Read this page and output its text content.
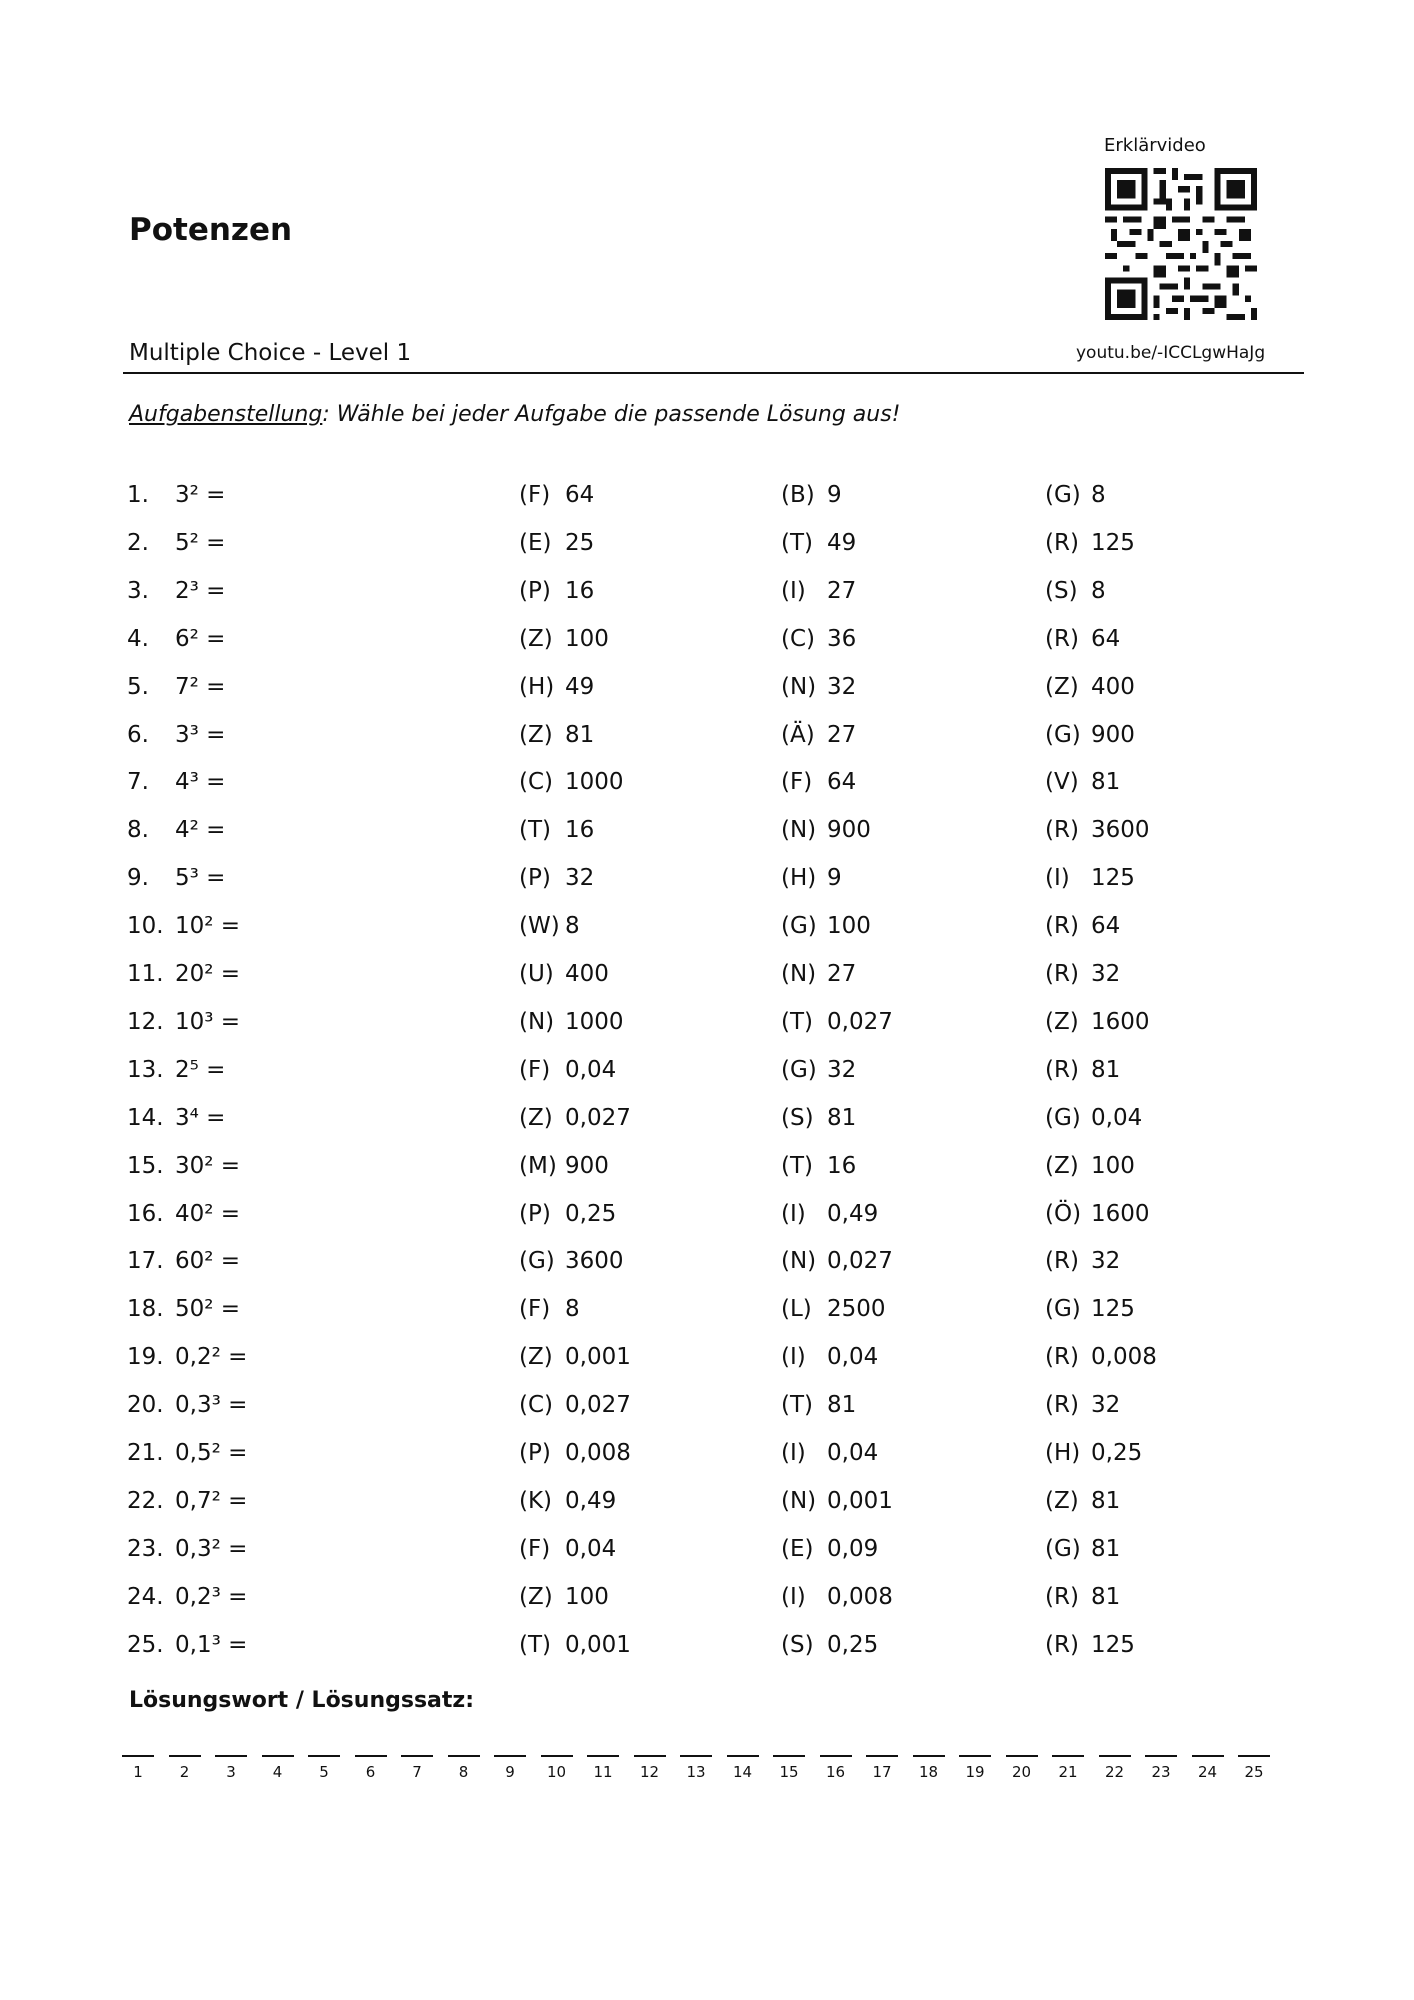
Potenzen
Erklärvideo
youtu.be/-ICCLgwHaJg
Multiple Choice - Level 1
Aufgabenstellung: Wähle bei jeder Aufgabe die passende Lösung aus!
1. 3² =	(F) 64	(B) 9	(G) 8
2. 5² =	(E) 25	(T) 49	(R) 125
3. 2³ =	(P) 16	(I) 27	(S) 8
4. 6² =	(Z) 100	(C) 36	(R) 64
5. 7² =	(H) 49	(N) 32	(Z) 400
6. 3³ =	(Z) 81	(Ä) 27	(G) 900
7. 4³ =	(C) 1000	(F) 64	(V) 81
8. 4² =	(T) 16	(N) 900	(R) 3600
9. 5³ =	(P) 32	(H) 9	(I) 125
10. 10² =	(W) 8	(G) 100	(R) 64
11. 20² =	(U) 400	(N) 27	(R) 32
12. 10³ =	(N) 1000	(T) 0,027	(Z) 1600
13. 2⁵ =	(F) 0,04	(G) 32	(R) 81
14. 3⁴ =	(Z) 0,027	(S) 81	(G) 0,04
15. 30² =	(M) 900	(T) 16	(Z) 100
16. 40² =	(P) 0,25	(I) 0,49	(Ö) 1600
17. 60² =	(G) 3600	(N) 0,027	(R) 32
18. 50² =	(F) 8	(L) 2500	(G) 125
19. 0,2² =	(Z) 0,001	(I) 0,04	(R) 0,008
20. 0,3³ =	(C) 0,027	(T) 81	(R) 32
21. 0,5² =	(P) 0,008	(I) 0,04	(H) 0,25
22. 0,7² =	(K) 0,49	(N) 0,001	(Z) 81
23. 0,3² =	(F) 0,04	(E) 0,09	(G) 81
24. 0,2³ =	(Z) 100	(I) 0,008	(R) 81
25. 0,1³ =	(T) 0,001	(S) 0,25	(R) 125
Lösungswort / Lösungssatz:
1	2	3	4	5	6	7	8	9	10	11	12	13	14	15	16	17	18	19	20	21	22	23	24	25
